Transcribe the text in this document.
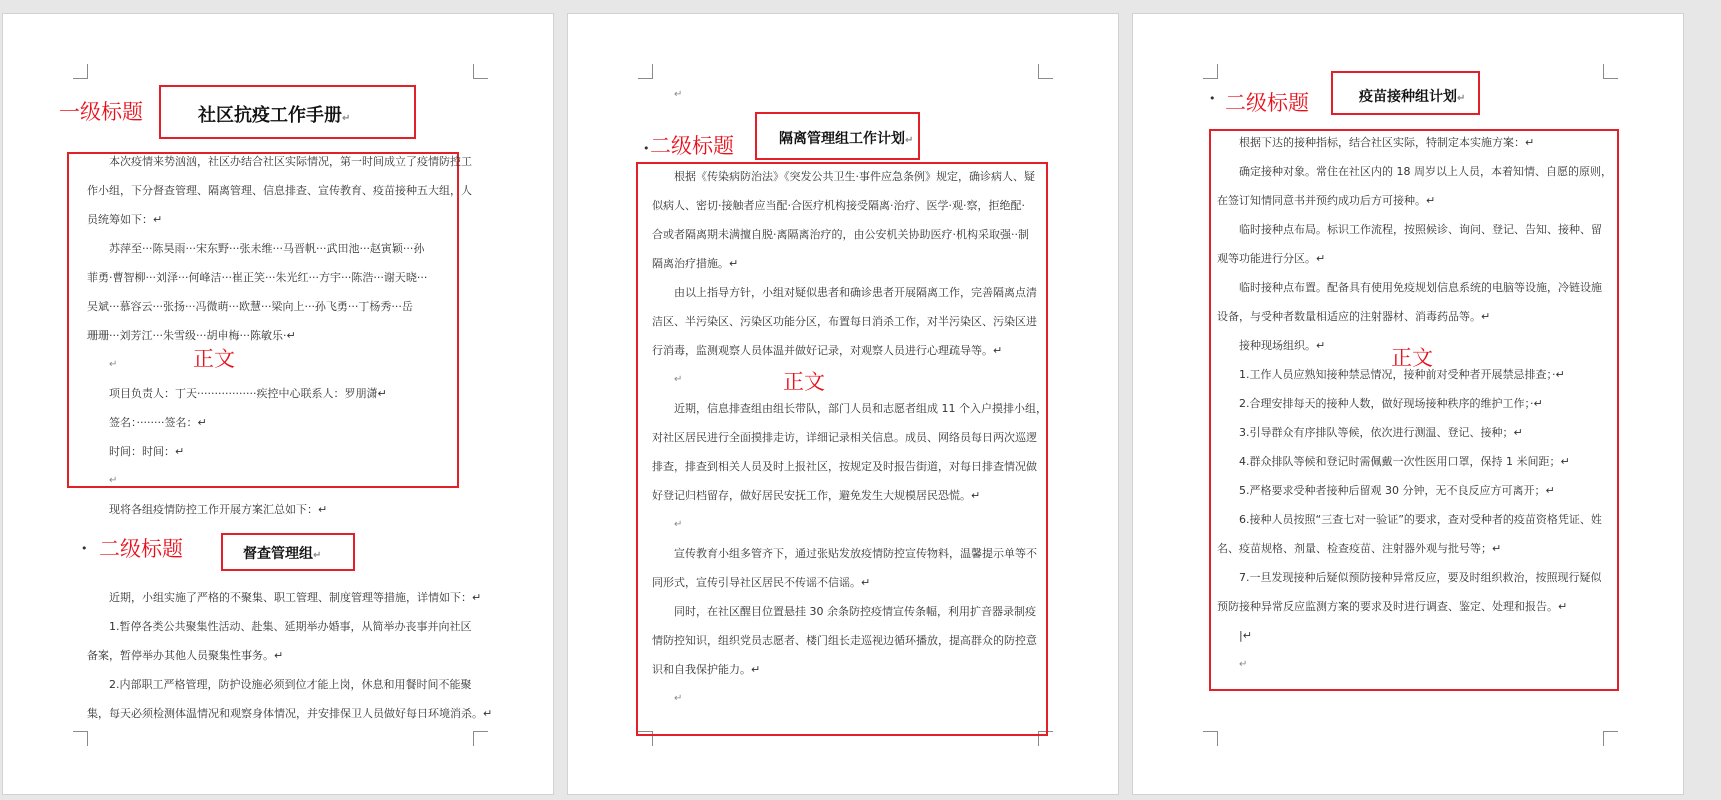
一级标题	社区抗疫工作手册↵
正文
本次疫情来势汹汹，社区办结合社区实际情况，第一时间成立了疫情防控工
作小组，下分督查管理、隔离管理、信息排查、宣传教育、疫苗接种五大组，人
员统筹如下：↵
苏萍至···陈昊雨···宋东野···张未维···马晋帆···武田池···赵寅颖···孙
菲勇·曹智柳···刘泽···何峰洁···崔正笑···朱光红···方宇···陈浩···谢天晓···
吴斌···慕容云···张扬···冯微萌···欧慧···梁向上···孙飞勇···丁杨秀···岳
珊珊···刘芳江···朱雪级···胡申梅···陈敏乐·↵
↵
项目负责人：丁天·················疾控中心联系人：罗朋潇↵
签名：········签名：↵
时间：时间：↵
↵
现将各组疫情防控工作开展方案汇总如下：↵
• 二级标题	督查管理组↵
近期，小组实施了严格的不聚集、职工管理、制度管理等措施，详情如下：↵
1.暂停各类公共聚集性活动、赴集、延期举办婚事，从简举办丧事并向社区
备案，暂停举办其他人员聚集性事务。↵
2.内部职工严格管理，防护设施必须到位才能上岗，休息和用餐时间不能聚
集，每天必须检测体温情况和观察身体情况，并安排保卫人员做好每日环境消杀。↵
↵
• 二级标题	隔离管理组工作计划↵
正文
根据《传染病防治法》《突发公共卫生·事件应急条例》规定，确诊病人、疑
似病人、密切·接触者应当配·合医疗机构接受隔离·治疗、医学·观·察，拒绝配·
合或者隔离期未满擅自脱·离隔离治疗的，由公安机关协助医疗·机构采取强··制
隔离治疗措施。↵
由以上指导方针，小组对疑似患者和确诊患者开展隔离工作，完善隔离点清
洁区、半污染区、污染区功能分区，布置每日消杀工作，对半污染区、污染区进
行消毒，监测观察人员体温并做好记录，对观察人员进行心理疏导等。↵
↵
近期，信息排查组由组长带队，部门人员和志愿者组成 11 个入户摸排小组，
对社区居民进行全面摸排走访，详细记录相关信息。成员、网络员每日两次巡逻
排查，排查到相关人员及时上报社区，按规定及时报告街道，对每日排查情况做
好登记归档留存，做好居民安抚工作，避免发生大规模居民恐慌。↵
↵
宣传教育小组多管齐下，通过张贴发放疫情防控宣传物料，温馨提示单等不
同形式，宣传引导社区居民不传谣不信谣。↵
同时，在社区醒目位置悬挂 30 余条防控疫情宣传条幅，利用扩音器录制疫
情防控知识，组织党员志愿者、楼门组长走巡视边循环播放，提高群众的防控意
识和自我保护能力。↵
↵
• 二级标题	疫苗接种组计划↵
正文
根据下达的接种指标，结合社区实际，特制定本实施方案：↵
确定接种对象。常住在社区内的 18 周岁以上人员，本着知情、自愿的原则，
在签订知情同意书并预约成功后方可接种。↵
临时接种点布局。标识工作流程，按照候诊、询问、登记、告知、接种、留
观等功能进行分区。↵
临时接种点布置。配备具有使用免疫规划信息系统的电脑等设施，冷链设施
设备，与受种者数量相适应的注射器材、消毒药品等。↵
接种现场组织。↵
1.工作人员应熟知接种禁忌情况，接种前对受种者开展禁忌排查；·↵
2.合理安排每天的接种人数，做好现场接种秩序的维护工作；·↵
3.引导群众有序排队等候，依次进行测温、登记、接种；↵
4.群众排队等候和登记时需佩戴一次性医用口罩，保持 1 米间距；↵
5.严格要求受种者接种后留观 30 分钟，无不良反应方可离开；↵
6.接种人员按照“三查七对一验证”的要求，查对受种者的疫苗资格凭证、姓
名、疫苗规格、剂量、检查疫苗、注射器外观与批号等；↵
7.一旦发现接种后疑似预防接种异常反应，要及时组织救治，按照现行疑似
预防接种异常反应监测方案的要求及时进行调查、鉴定、处理和报告。↵
|↵
↵
